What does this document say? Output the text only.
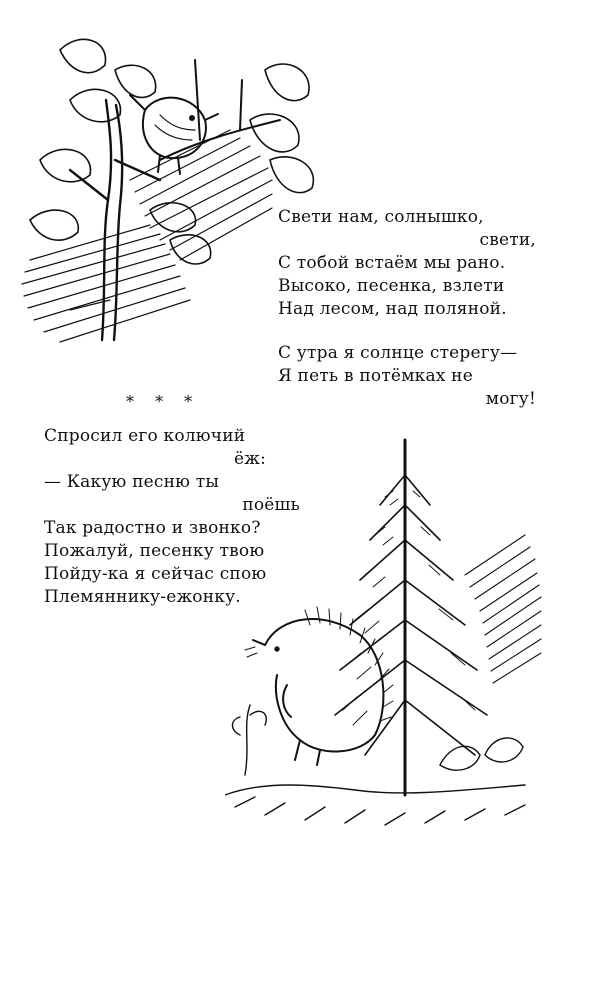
Свети нам, солнышко,
свети,
С тобой встаём мы рано.
Высоко, песенка, взлети
Над лесом, над поляной.
С утра я солнце стерегу—
Я петь в потёмках не
могу!
* * *
Спросил его колючий
ёж:
— Какую песню ты
поёшь
Так радостно и звонко?
Пожалуй, песенку твою
Пойду-ка я сейчас спою
Племяннику-ежонку.
